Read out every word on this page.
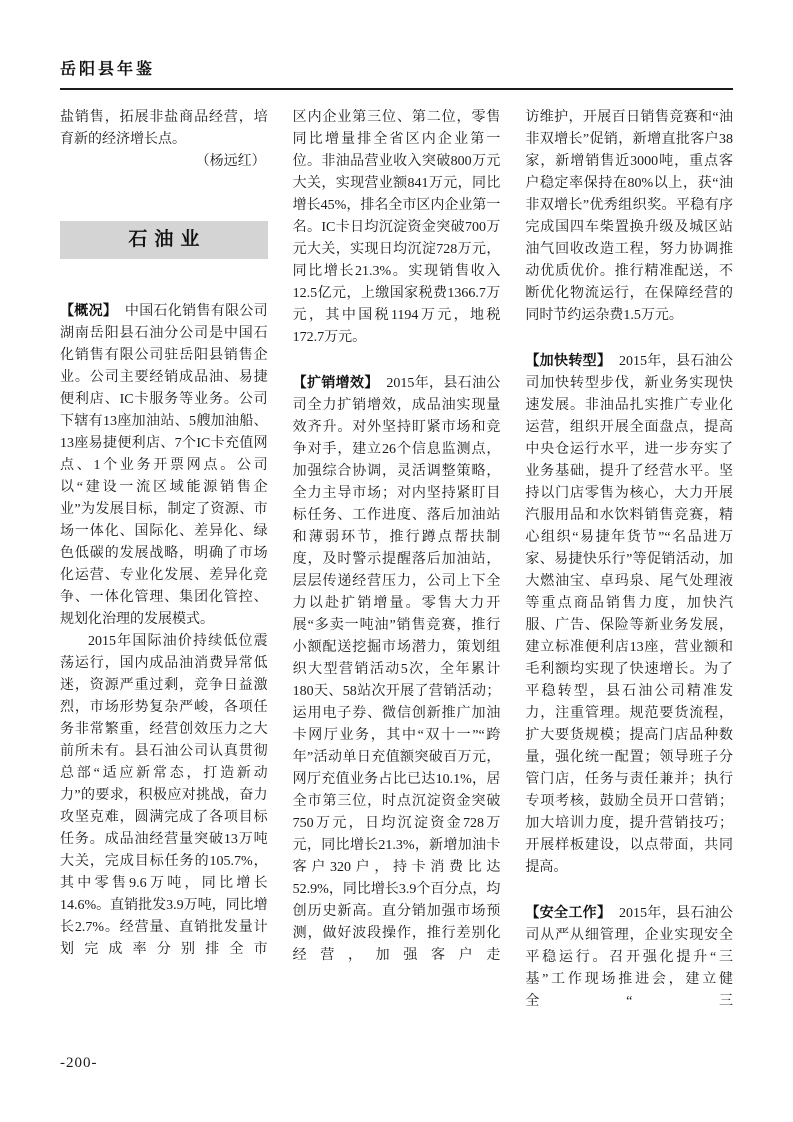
岳阳县年鉴

盐销售，拓展非盐商品经营，培育新的经济增长点。

（杨远红）

石油业

【概况】 中国石化销售有限公司湖南岳阳县石油分公司是中国石化销售有限公司驻岳阳县销售企业。公司主要经销成品油、易捷便利店、IC卡服务等业务。公司下辖有13座加油站、5艘加油船、13座易捷便利店、7个IC卡充值网点、1个业务开票网点。公司以“建设一流区域能源销售企业”为发展目标，制定了资源、市场一体化、国际化、差异化、绿色低碳的发展战略，明确了市场化运营、专业化发展、差异化竞争、一体化管理、集团化管控、规划化治理的发展模式。

2015年国际油价持续低位震荡运行，国内成品油消费异常低迷，资源严重过剩，竞争日益激烈，市场形势复杂严峻，各项任务非常繁重，经营创效压力之大前所未有。县石油公司认真贯彻总部“适应新常态，打造新动力”的要求，积极应对挑战，奋力攻坚克难，圆满完成了各项目标任务。成品油经营量突破13万吨大关，完成目标任务的105.7%，其中零售9.6万吨，同比增长14.6%。直销批发3.9万吨，同比增长2.7%。经营量、直销批发量计划完成率分别排全市

区内企业第三位、第二位，零售同比增量排全省区内企业第一位。非油品营业收入突破800万元大关，实现营业额841万元，同比增长45%，排名全市区内企业第一名。IC卡日均沉淀资金突破700万元大关，实现日均沉淀728万元，同比增长21.3%。实现销售收入12.5亿元，上缴国家税费1366.7万元，其中国税1194万元，地税172.7万元。

【扩销增效】 2015年，县石油公司全力扩销增效，成品油实现量效齐升。对外坚持盯紧市场和竞争对手，建立26个信息监测点，加强综合协调，灵活调整策略，全力主导市场；对内坚持紧盯目标任务、工作进度、落后加油站和薄弱环节，推行蹲点帮扶制度，及时警示提醒落后加油站，层层传递经营压力，公司上下全力以赴扩销增量。零售大力开展“多卖一吨油”销售竞赛，推行小额配送挖掘市场潜力，策划组织大型营销活动5次，全年累计180天、58站次开展了营销活动；运用电子券、微信创新推广加油卡网厅业务，其中“双十一”“跨年”活动单日充值额突破百万元，网厅充值业务占比已达10.1%，居全市第三位，时点沉淀资金突破750万元，日均沉淀资金728万元，同比增长21.3%，新增加油卡客户320户，持卡消费比达52.9%，同比增长3.9个百分点，均创历史新高。直分销加强市场预测，做好波段操作，推行差别化经营，加强客户走

访维护，开展百日销售竞赛和“油非双增长”促销，新增直批客户38家，新增销售近3000吨，重点客户稳定率保持在80%以上，获“油非双增长”优秀组织奖。平稳有序完成国四车柴置换升级及城区站油气回收改造工程，努力协调推动优质优价。推行精准配送，不断优化物流运行，在保障经营的同时节约运杂费1.5万元。

【加快转型】 2015年，县石油公司加快转型步伐，新业务实现快速发展。非油品扎实推广专业化运营，组织开展全面盘点，提高中央仓运行水平，进一步夯实了业务基础，提升了经营水平。坚持以门店零售为核心，大力开展汽服用品和水饮料销售竞赛，精心组织“易捷年货节”“名品进万家、易捷快乐行”等促销活动，加大燃油宝、卓玛泉、尾气处理液等重点商品销售力度，加快汽服、广告、保险等新业务发展，建立标准便利店13座，营业额和毛利额均实现了快速增长。为了平稳转型，县石油公司精准发力，注重管理。规范要货流程，扩大要货规模；提高门店品种数量，强化统一配置；领导班子分管门店，任务与责任兼并；执行专项考核，鼓励全员开口营销；加大培训力度，提升营销技巧；开展样板建设，以点带面，共同提高。

【安全工作】 2015年，县石油公司从严从细管理，企业实现安全平稳运行。召开强化提升“三基”工作现场推进会，建立健全“三

-200-
